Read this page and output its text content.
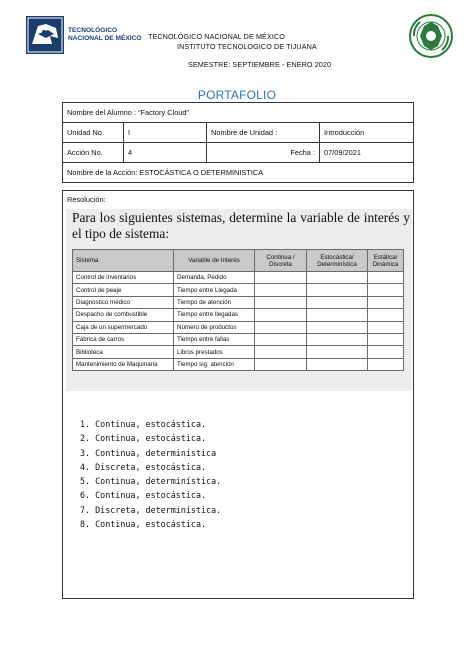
TECNOLÓGICO
NACIONAL DE MÉXICO TECNOLÓGICO NACIONAL DE MÉXICO
INSTITUTO TECNOLOGICO DE TIJUANA
SEMESTRE: SEPTIEMBRE - ENERO 2020
PORTAFOLIO
Nombre del Alumno : “Factory Cloud”			
Unidad No.	I	Nombre de Unidad :	Introducción
Acción No.	4	Fecha :	07/09/2021
Nombre de la Acción: ESTOCÁSTICA O DETERMINISTICA			
Resolución:
Para los siguientes sistemas, determine la variable de interés y el tipo de sistema:
Sistema	Variable de Interés	Continua / Discreta	Estocástica/ Determinística	Estática/ Dinámica
Control de inventarios	Demanda, Pedido			
Control de peaje	Tiempo entre Llegada			
Diagnóstico médico	Tiempo de atención			
Despacho de combustible	Tiempo entre llegadas			
Caja de un supermercado	Número de productos			
Fábrica de carros	Tiempo entre fallas			
Biblioteca	Libros prestados			
Mantenimiento de Maquinaria	Tiempo sig. atención			
1. Continua, estocástica.
2. Continua, estocástica.
3. Continua, determinística
4. Discreta, estocástica.
5. Continua, determinística.
6. Continua, estocástica.
7. Discreta, determinística.
8. Continua, estocástica.
